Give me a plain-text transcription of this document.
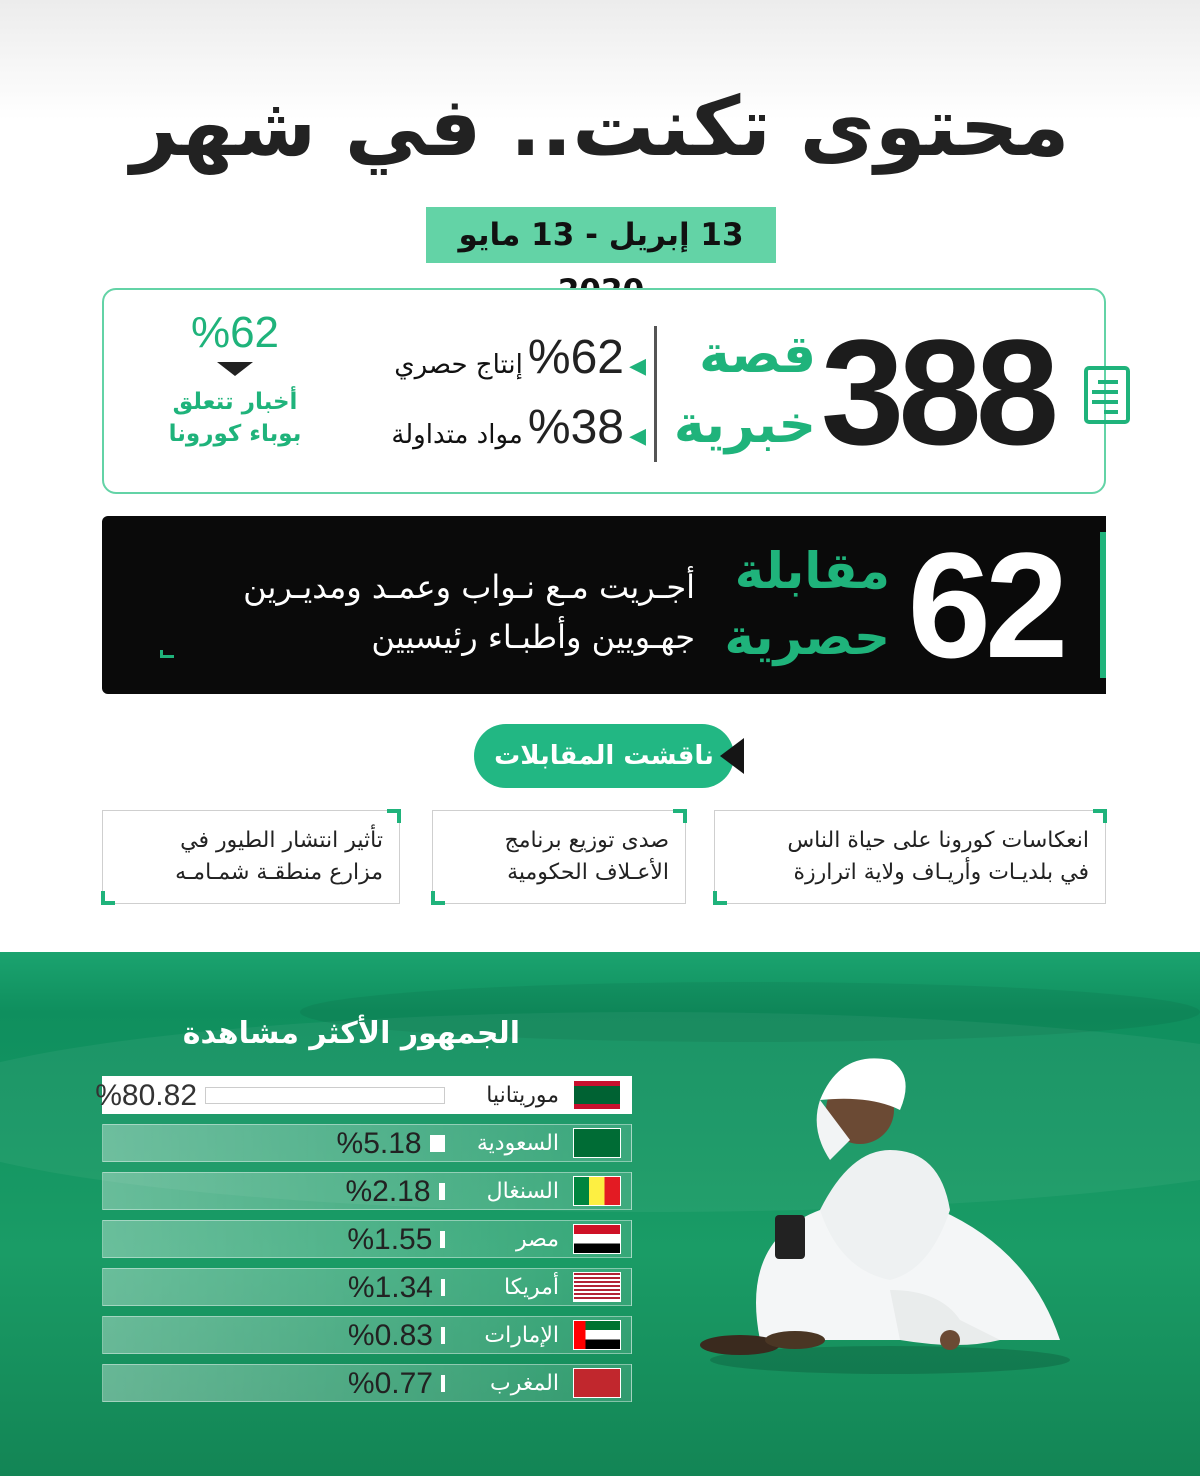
محتوى تكنت.. في شهر
13 إبريل - 13 مايو
388
قصة
خبرية
◀ %62 إنتاج حصري
◀ %38 مواد متداولة
%62
أخبار تتعلق
بوباء كورونا
62
مقابلة
حصرية
أجـريت مـع نـواب وعمـد ومديـرين
جهـويين وأطبـاء رئيسيين
ناقشت المقابلات
انعكاسات كورونا على حياة الناس
في بلديـات وأريـاف ولاية اترارزة
صدى توزيع برنامج
الأعـلاف الحكومية
تأثير انتشار الطيور في
مزارع منطقـة شمـامـه
الجمهور الأكثر مشاهدة
موريتانيا
%80.82
السعودية
%5.18
السنغال
%2.18
مصر
%1.55
أمريكا
%1.34
الإمارات
%0.83
المغرب
%0.77
